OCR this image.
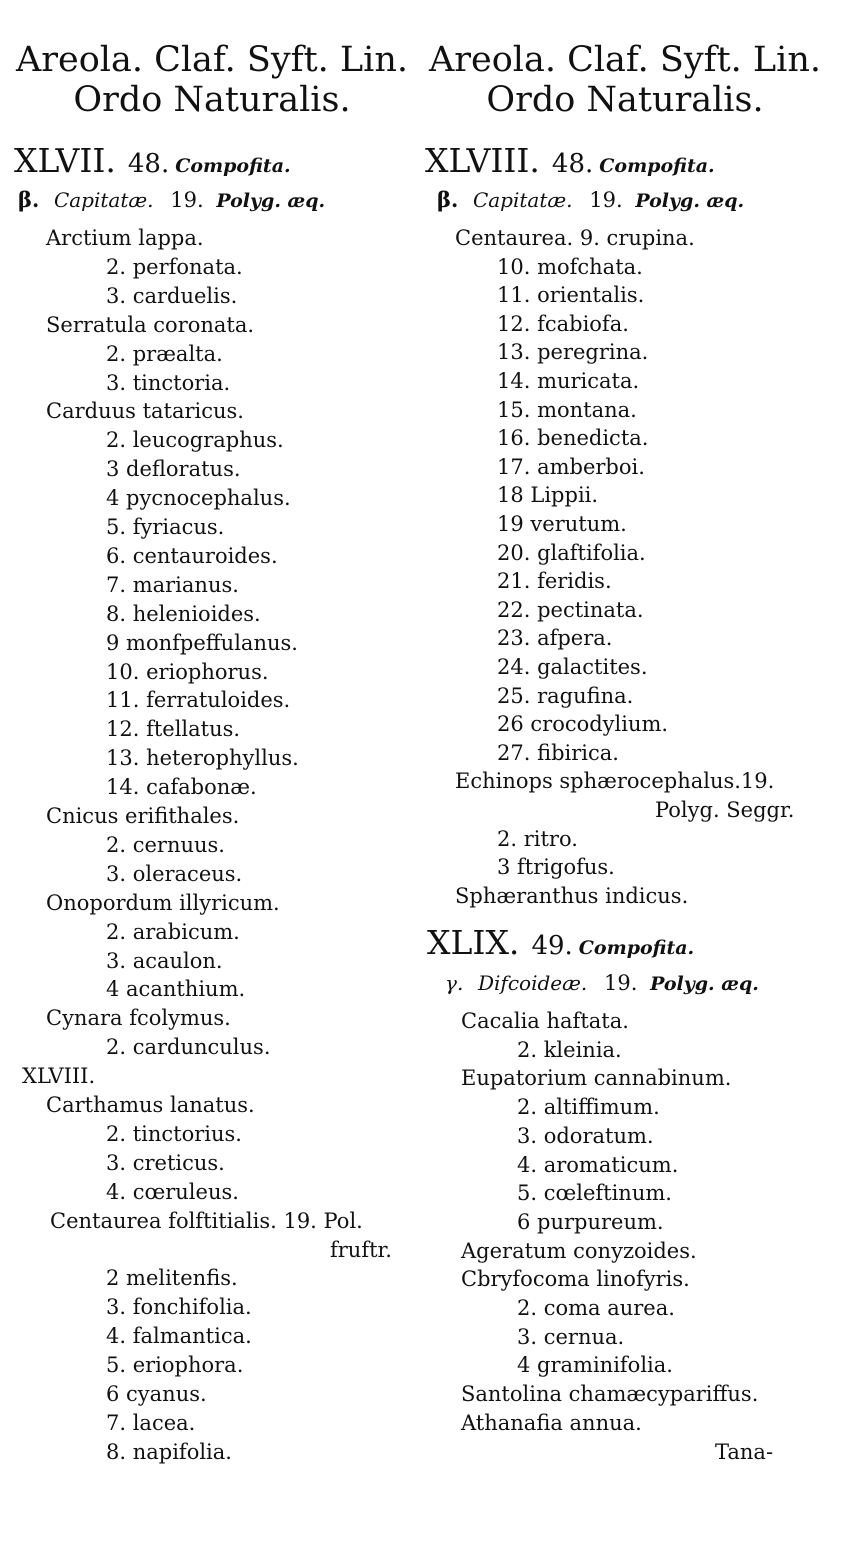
Areola. Claf. Syft. Lin.
Ordo Naturalis.
XLVII. 48. Compofita.
β. Capitatæ. 19. Polyg. æq.
Arctium lappa.
2. perfonata.
3. carduelis.
Serratula coronata.
2. præalta.
3. tinctoria.
Carduus tataricus.
2. leucographus.
3 defloratus.
4 pycnocephalus.
5. fyriacus.
6. centauroides.
7. marianus.
8. helenioides.
9 monfpeffulanus.
10. eriophorus.
11. ferratuloides.
12. ftellatus.
13. heterophyllus.
14. cafabonæ.
Cnicus erifithales.
2. cernuus.
3. oleraceus.
Onopordum illyricum.
2. arabicum.
3. acaulon.
4 acanthium.
Cynara fcolymus.
2. cardunculus.
XLVIII.
Carthamus lanatus.
2. tinctorius.
3. creticus.
4. cœruleus.
Centaurea folftitialis. 19. Pol.
fruftr.
2 melitenfis.
3. fonchifolia.
4. falmantica.
5. eriophora.
6 cyanus.
7. lacea.
8. napifolia.
Areola. Claf. Syft. Lin.
Ordo Naturalis.
XLVIII. 48. Compofita.
β. Capitatæ. 19. Polyg. æq.
Centaurea. 9. crupina.
10. mofchata.
11. orientalis.
12. fcabiofa.
13. peregrina.
14. muricata.
15. montana.
16. benedicta.
17. amberboi.
18 Lippii.
19 verutum.
20. glaftifolia.
21. feridis.
22. pectinata.
23. afpera.
24. galactites.
25. ragufina.
26 crocodylium.
27. fibirica.
Echinops sphærocephalus.19.
Polyg. Seggr.
2. ritro.
3 ftrigofus.
Sphæranthus indicus.
XLIX. 49. Compofita.
γ. Difcoideæ. 19. Polyg. æq.
Cacalia haftata.
2. kleinia.
Eupatorium cannabinum.
2. altiffimum.
3. odoratum.
4. aromaticum.
5. cœleftinum.
6 purpureum.
Ageratum conyzoides.
Cbryfocoma linofyris.
2. coma aurea.
3. cernua.
4 graminifolia.
Santolina chamæcypariffus.
Athanafia annua.
Tana-
